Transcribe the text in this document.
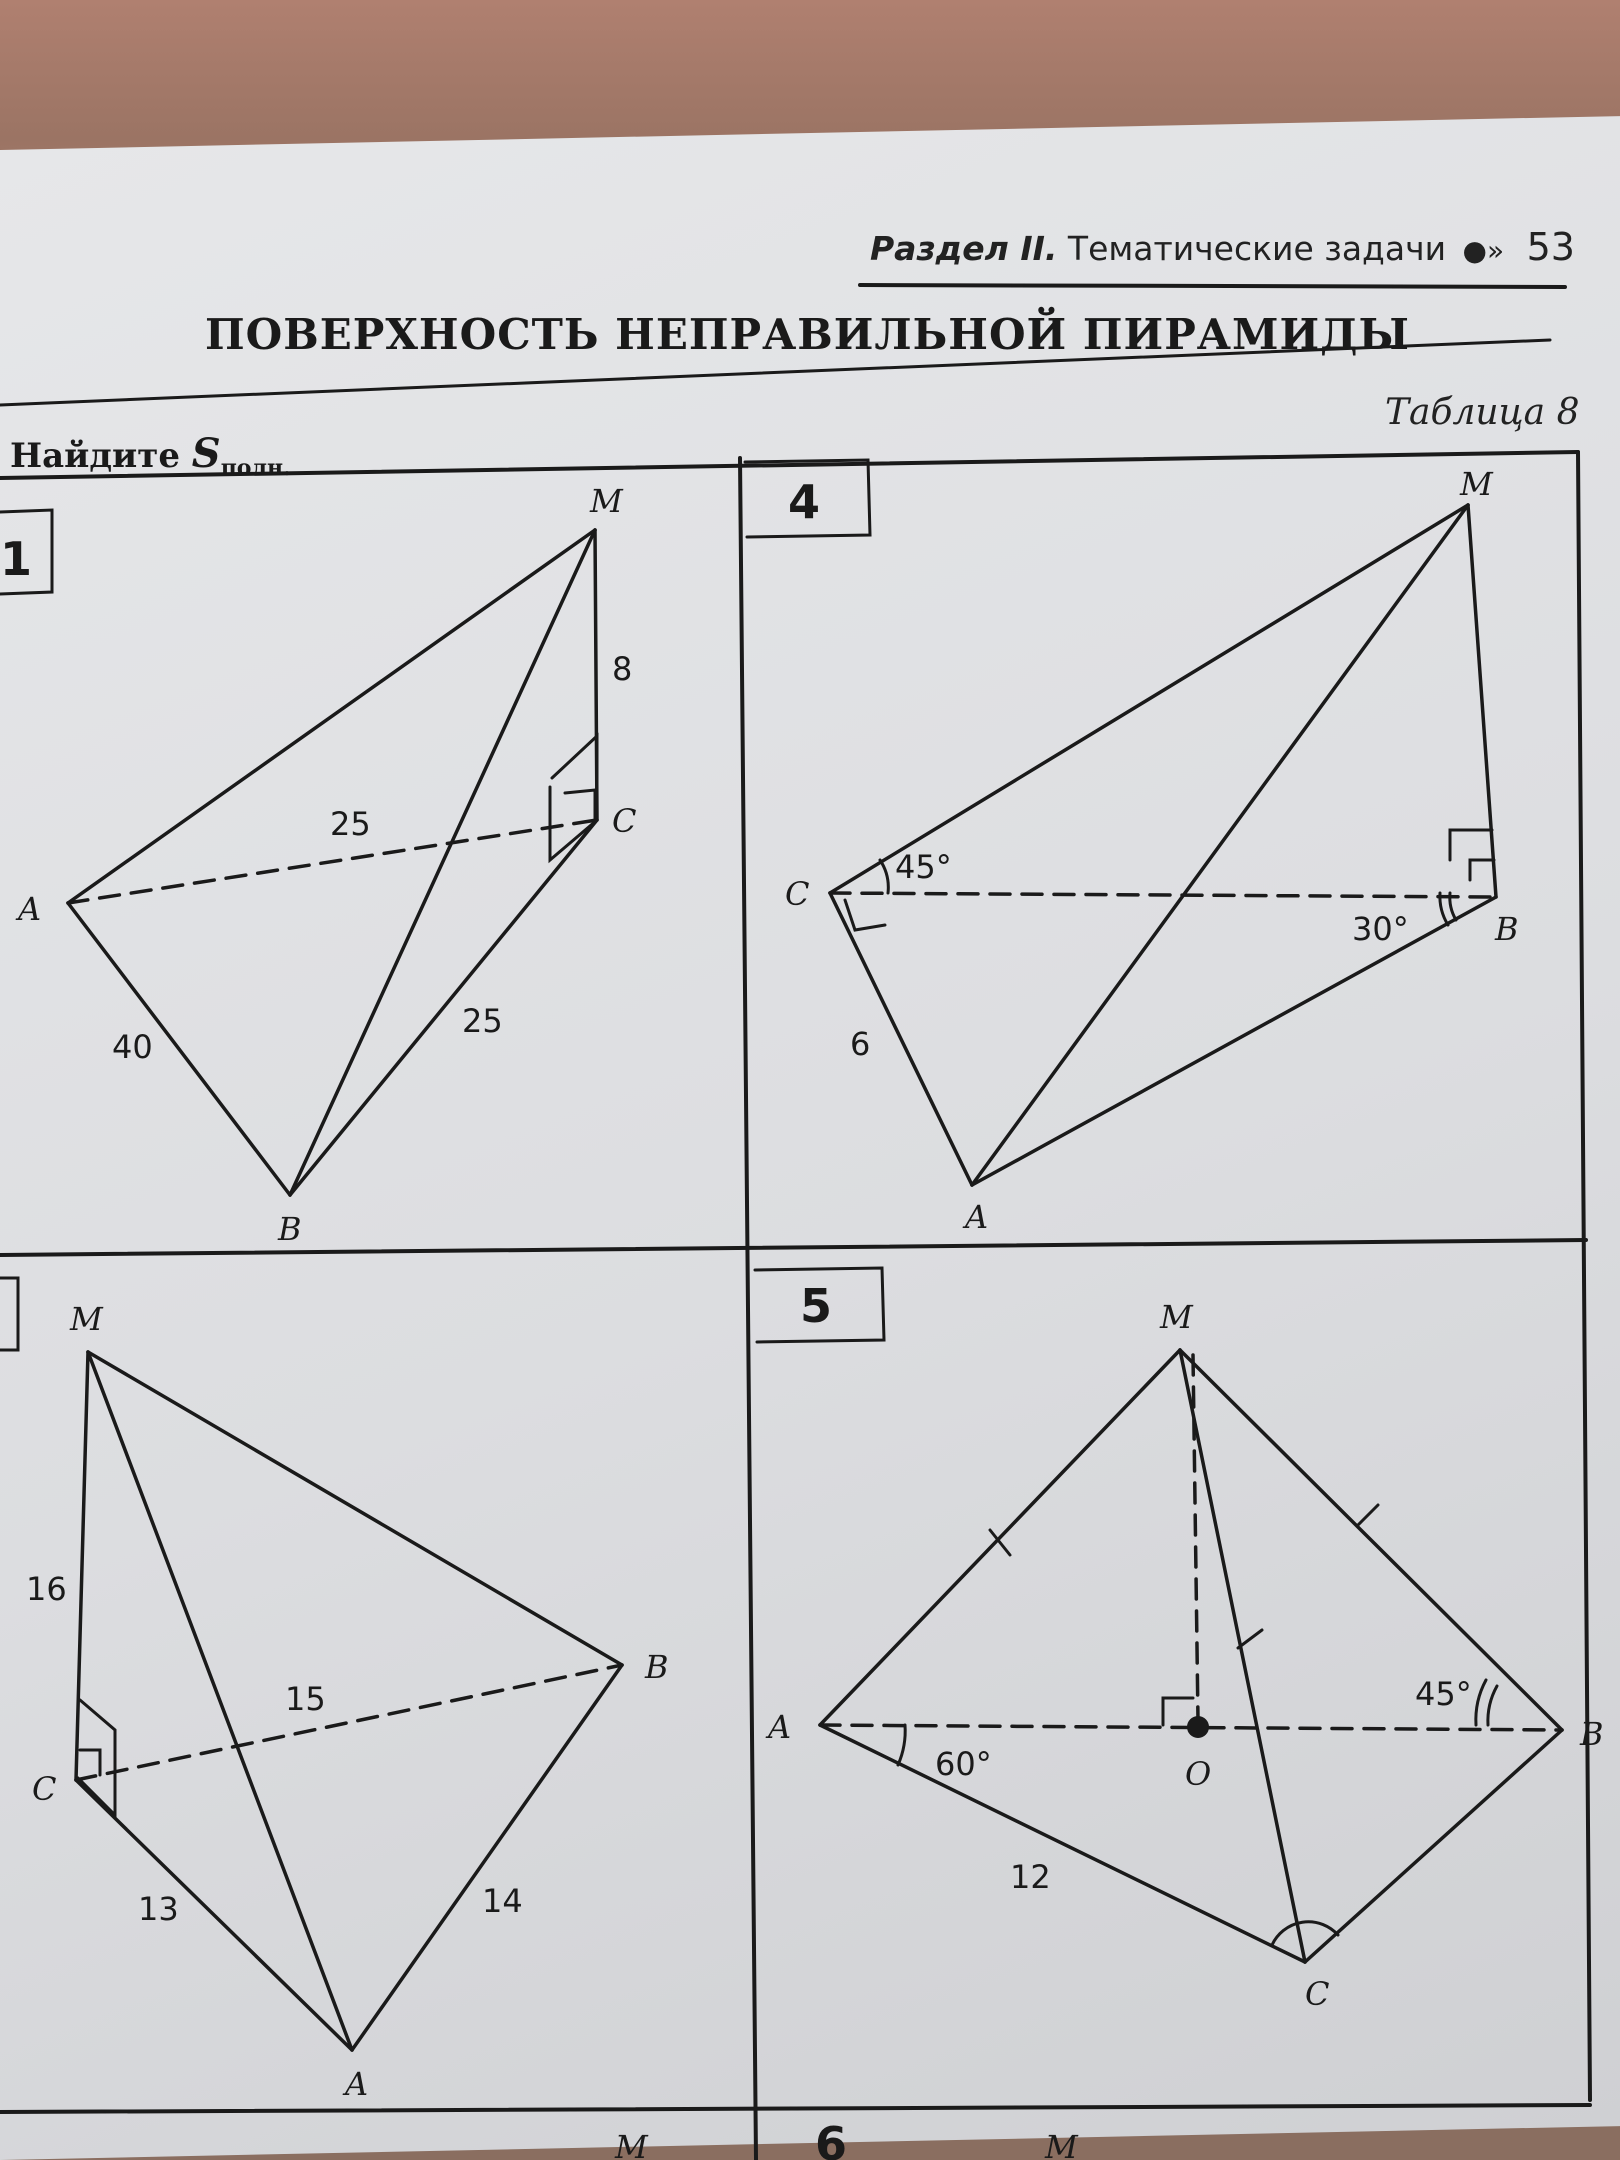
Раздел II. Тематические задачи ●» 53
ПОВЕРХНОСТЬ НЕПРАВИЛЬНОЙ ПИРАМИДЫ
Таблица 8
Найдите $S_{полн.}$
1
M
A
B
C
8
25
40
25
4	M
C
B
A
45°
30°
6
M
B
C
A
16
15
13	14
5	M
A	B
C
O
60°
45°
12
6
M	M
